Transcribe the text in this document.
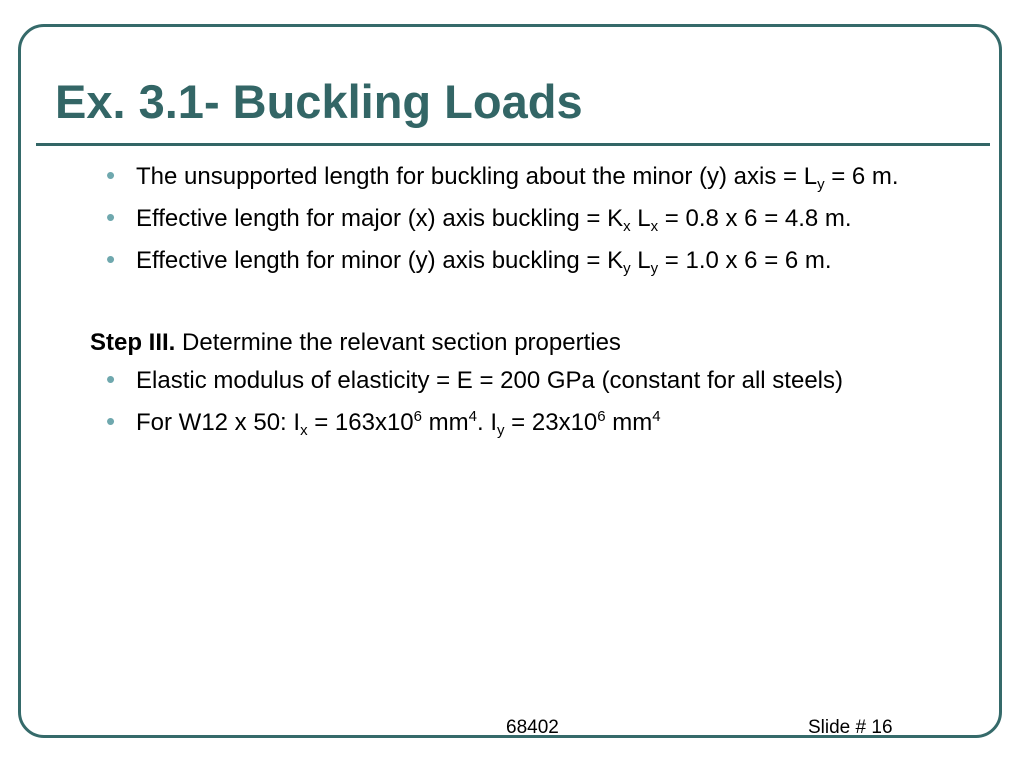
Ex. 3.1- Buckling Loads
• The unsupported length for buckling about the minor (y) axis = $L_y = 6$ m.
• Effective length for major (x) axis buckling = $K_x$ $L_x = 0.8$ x 6 = 4.8 m.
• Effective length for minor (y) axis buckling = $K_y$ $L_y = 1.0$ x 6 = 6 m.
Step III. Determine the relevant section properties
• Elastic modulus of elasticity = E = 200 GPa (constant for all steels)
• For W12 x 50: $I_x = 163x10^6$ $mm^4$. $I_y = 23x10^6$ $mm^4$
68402	Slide # 16
